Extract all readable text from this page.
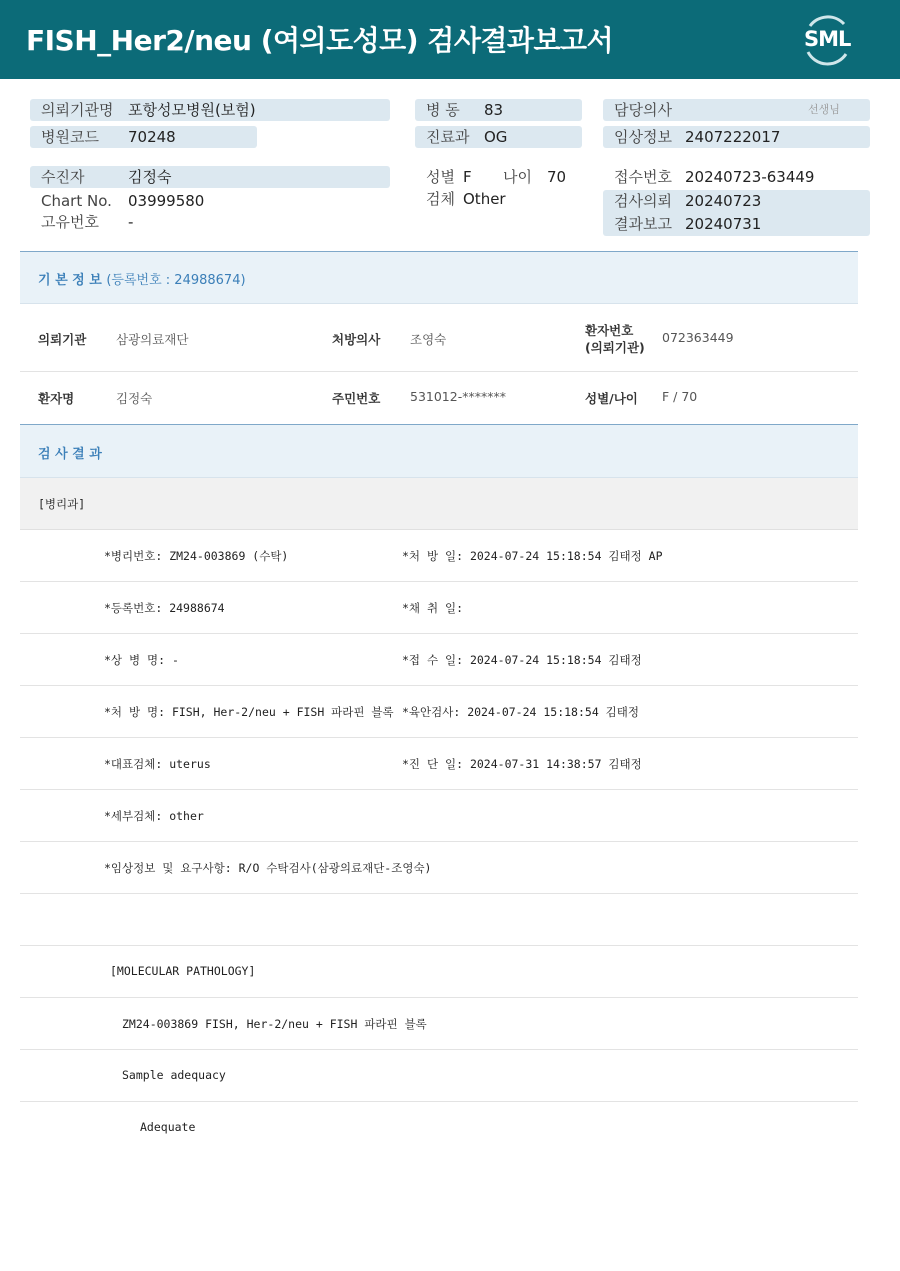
FISH_Her2/neu (여의도성모) 검사결과보고서	SML
의뢰기관명 포항성모병원(보험)
병원코드 70248
수진자	김정숙
Chart No. 03999580
고유번호 -
병 동 83
진료과 OG
성별 F 나이 70
검체 Other
담당의사	선생님
임상정보 2407222017
접수번호 20240723-63449
검사의뢰 20240723
결과보고 20240731
기 본 정 보 (등록번호 : 24988674)
의뢰기관 삼광의료재단	처방의사 조영숙
환자번호
(의뢰기관)
072363449
환자명	김정숙	주민번호 531012-*******	성별/나이 F / 70
검 사 결 과
[병리과]
*병리번호: ZM24-003869 (수탁)	*처 방 일: 2024-07-24 15:18:54 김태정 AP
*등록번호: 24988674	*채 취 일:
*상 병 명: -	*접 수 일: 2024-07-24 15:18:54 김태정
*처 방 명: FISH, Her-2/neu + FISH 파라핀 블록 *육안검사: 2024-07-24 15:18:54 김태정
*대표검체: uterus	*진 단 일: 2024-07-31 14:38:57 김태정
*세부검체: other
*임상정보 및 요구사항: R/O 수탁검사(삼광의료재단-조영숙)
[MOLECULAR PATHOLOGY]
ZM24-003869 FISH, Her-2/neu + FISH 파라핀 블록
Sample adequacy
Adequate
